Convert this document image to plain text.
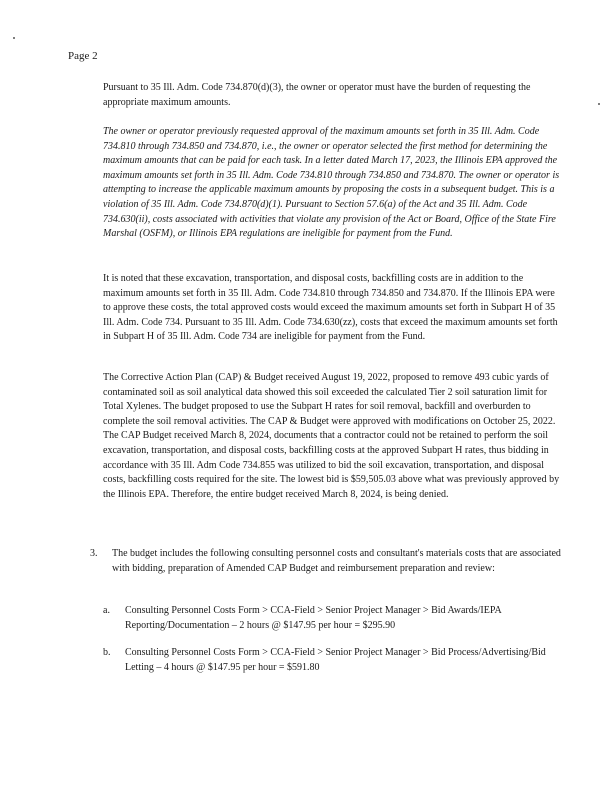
Page 2
Pursuant to 35 Ill. Adm. Code 734.870(d)(3), the owner or operator must have the burden of requesting the appropriate maximum amounts.
The owner or operator previously requested approval of the maximum amounts set forth in 35 Ill. Adm. Code 734.810 through 734.850 and 734.870, i.e., the owner or operator selected the first method for determining the maximum amounts that can be paid for each task. In a letter dated March 17, 2023, the Illinois EPA approved the maximum amounts set forth in 35 Ill. Adm. Code 734.810 through 734.850 and 734.870. The owner or operator is attempting to increase the applicable maximum amounts by proposing the costs in a subsequent budget. This is a violation of 35 Ill. Adm. Code 734.870(d)(1). Pursuant to Section 57.6(a) of the Act and 35 Ill. Adm. Code 734.630(ii), costs associated with activities that violate any provision of the Act or Board, Office of the State Fire Marshal (OSFM), or Illinois EPA regulations are ineligible for payment from the Fund.
It is noted that these excavation, transportation, and disposal costs, backfilling costs are in addition to the maximum amounts set forth in 35 Ill. Adm. Code 734.810 through 734.850 and 734.870. If the Illinois EPA were to approve these costs, the total approved costs would exceed the maximum amounts set forth in Subpart H of 35 Ill. Adm. Code 734. Pursuant to 35 Ill. Adm. Code 734.630(zz), costs that exceed the maximum amounts set forth in Subpart H of 35 Ill. Adm. Code 734 are ineligible for payment from the Fund.
The Corrective Action Plan (CAP) & Budget received August 19, 2022, proposed to remove 493 cubic yards of contaminated soil as soil analytical data showed this soil exceeded the calculated Tier 2 soil saturation limit for Total Xylenes. The budget proposed to use the Subpart H rates for soil removal, backfill and overburden to complete the soil removal activities. The CAP & Budget were approved with modifications on October 25, 2022. The CAP Budget received March 8, 2024, documents that a contractor could not be retained to perform the soil excavation, transportation, and disposal costs, backfilling costs at the approved Subpart H rates, thus bidding in accordance with 35 Ill. Adm Code 734.855 was utilized to bid the soil excavation, transportation, and disposal costs, backfilling costs required for the site. The lowest bid is $59,505.03 above what was previously approved by the Illinois EPA. Therefore, the entire budget received March 8, 2024, is being denied.
3. The budget includes the following consulting personnel costs and consultant's materials costs that are associated with bidding, preparation of Amended CAP Budget and reimbursement preparation and review:
a. Consulting Personnel Costs Form > CCA-Field > Senior Project Manager > Bid Awards/IEPA Reporting/Documentation – 2 hours @ $147.95 per hour = $295.90
b. Consulting Personnel Costs Form > CCA-Field > Senior Project Manager > Bid Process/Advertising/Bid Letting – 4 hours @ $147.95 per hour = $591.80
